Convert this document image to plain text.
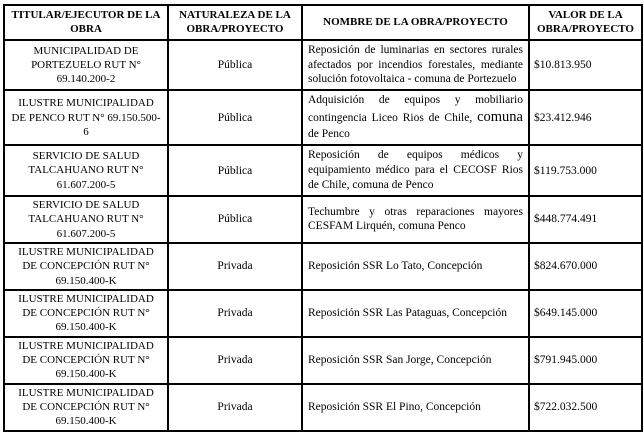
TITULAR/EJECUTOR DE LA OBRA	NATURALEZA DE LA OBRA/PROYECTO	NOMBRE DE LA OBRA/PROYECTO	VALOR DE LA OBRA/PROYECTO
MUNICIPALIDAD DE PORTEZUELO RUT N° 69.140.200-2	Pública	Reposición de luminarias en sectores rurales afectados por incendios forestales, mediante solución fotovoltaica - comuna de Portezuelo	$10.813.950
ILUSTRE MUNICIPALIDAD DE PENCO RUT N° 69.150.500-6	Pública	Adquisición de equipos y mobiliario contingencia Liceo Rios de Chile, comuna de Penco	$23.412.946
SERVICIO DE SALUD TALCAHUANO RUT N° 61.607.200-5	Pública	Reposición de equipos médicos y equipamiento médico para el CECOSF Rios de Chile, comuna de Penco	$119.753.000
SERVICIO DE SALUD TALCAHUANO RUT N° 61.607.200-5	Pública	Techumbre y otras reparaciones mayores CESFAM Lirquén, comuna Penco	$448.774.491
ILUSTRE MUNICIPALIDAD DE CONCEPCIÓN RUT N° 69.150.400-K	Privada	Reposición SSR Lo Tato, Concepción	$824.670.000
ILUSTRE MUNICIPALIDAD DE CONCEPCIÓN RUT N° 69.150.400-K	Privada	Reposición SSR Las Pataguas, Concepción	$649.145.000
ILUSTRE MUNICIPALIDAD DE CONCEPCIÓN RUT N° 69.150.400-K	Privada	Reposición SSR San Jorge, Concepción	$791.945.000
ILUSTRE MUNICIPALIDAD DE CONCEPCIÓN RUT N° 69.150.400-K	Privada	Reposición SSR El Pino, Concepción	$722.032.500
